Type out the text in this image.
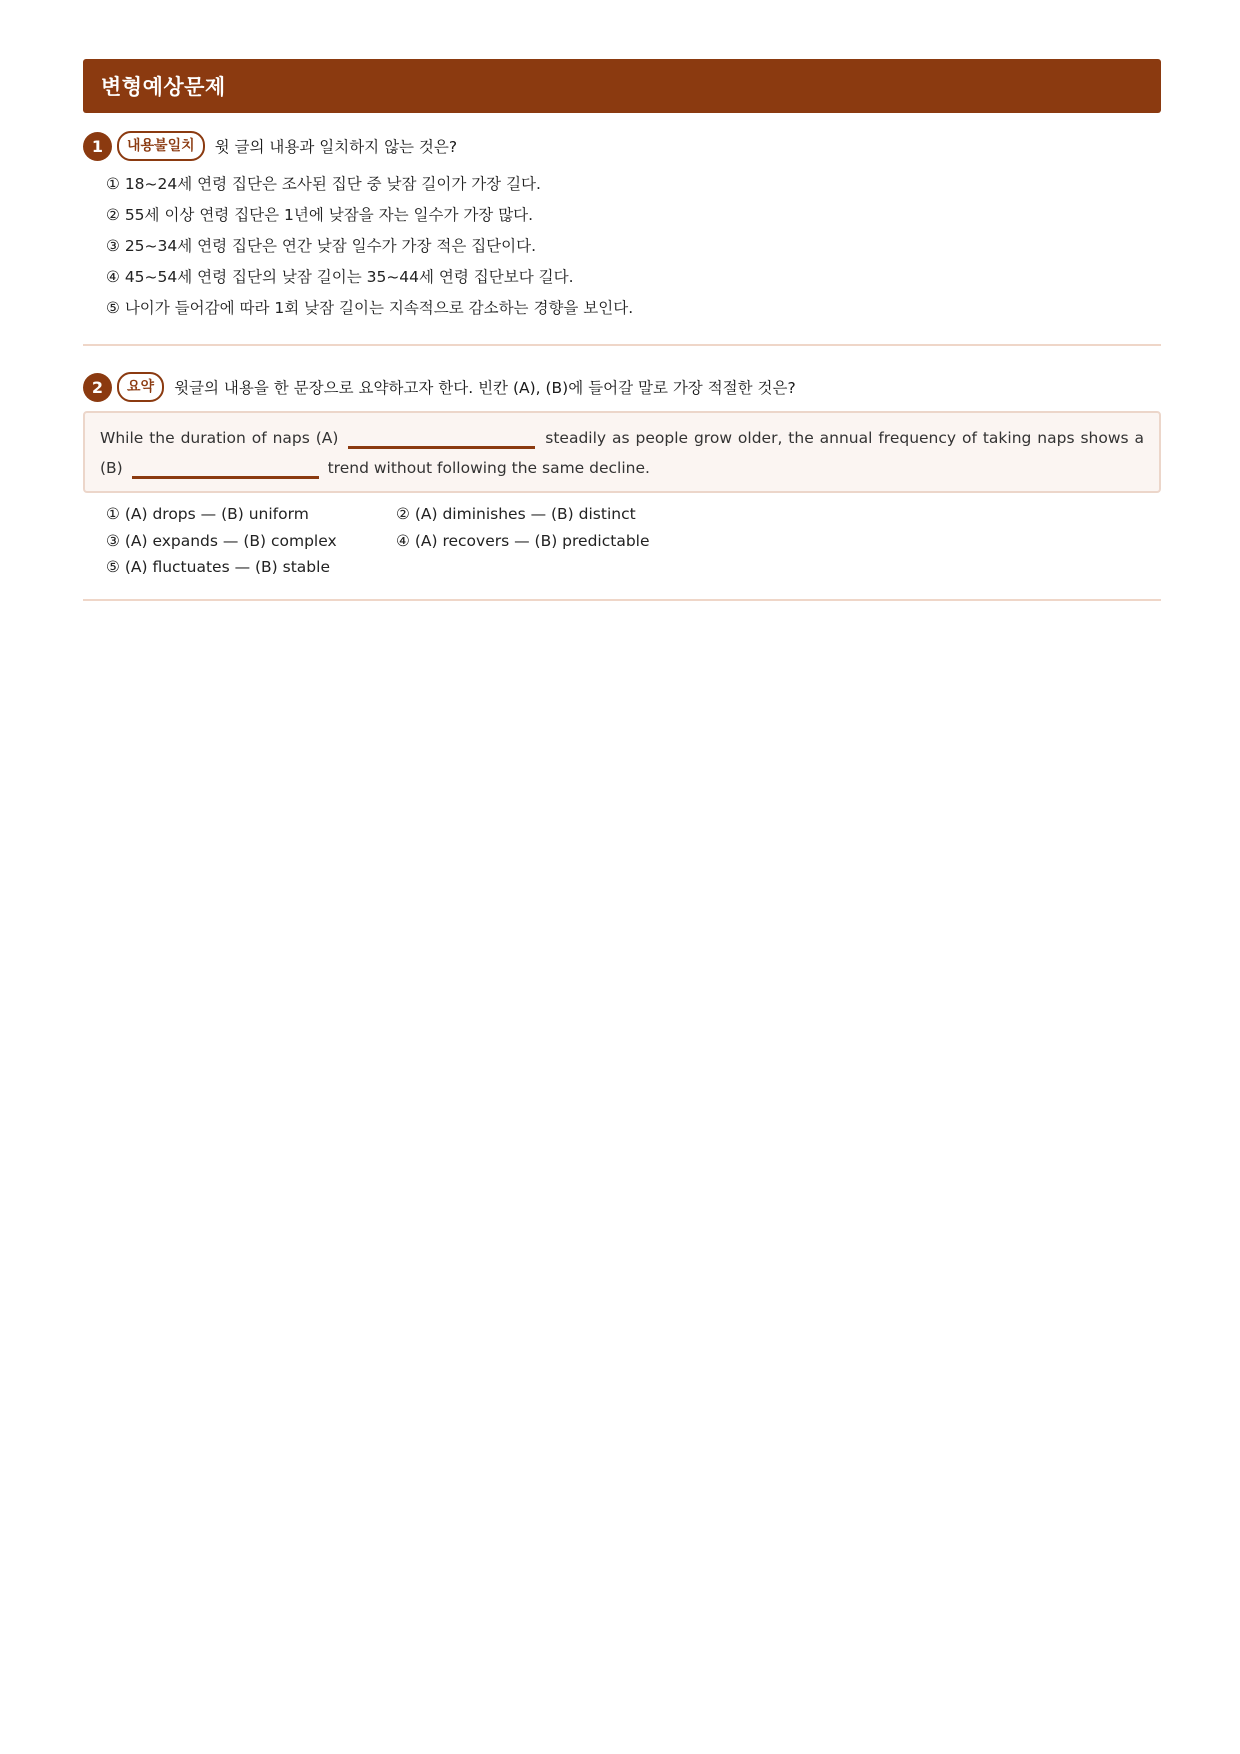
변형예상문제
1	내용불일치	윗 글의 내용과 일치하지 않는 것은?
① 18~24세 연령 집단은 조사된 집단 중 낮잠 길이가 가장 길다.
② 55세 이상 연령 집단은 1년에 낮잠을 자는 일수가 가장 많다.
③ 25~34세 연령 집단은 연간 낮잠 일수가 가장 적은 집단이다.
④ 45~54세 연령 집단의 낮잠 길이는 35~44세 연령 집단보다 길다.
⑤ 나이가 들어감에 따라 1회 낮잠 길이는 지속적으로 감소하는 경향을 보인다.
2	요약	윗글의 내용을 한 문장으로 요약하고자 한다. 빈칸 (A), (B)에 들어갈 말로 가장 적절한 것은?
While the duration of naps (A)	steadily as people grow older, the annual frequency of taking naps shows a (B)	trend without following the same decline.
① (A) drops — (B) uniform	② (A) diminishes — (B) distinct
③ (A) expands — (B) complex	④ (A) recovers — (B) predictable
⑤ (A) fluctuates — (B) stable
